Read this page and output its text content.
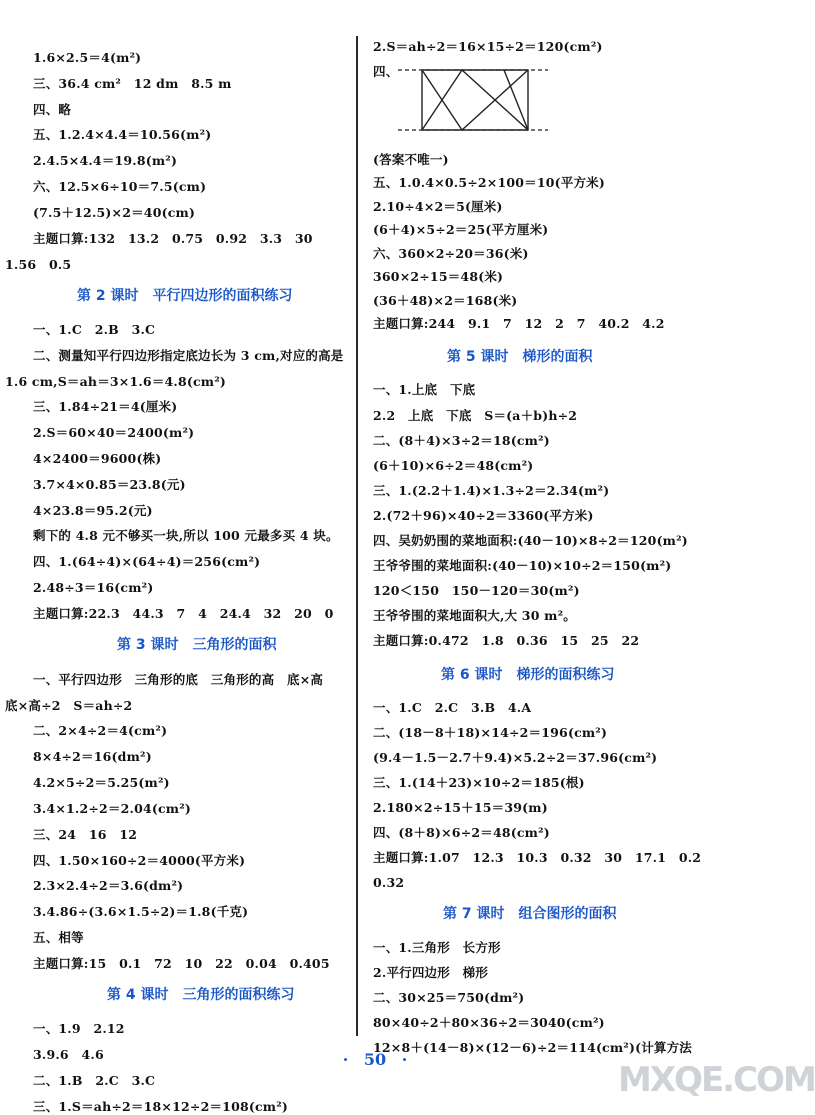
1.6×2.5＝4(m²)
三、36.4 cm²　12 dm　8.5 m
四、略
五、1.2.4×4.4＝10.56(m²)
2.4.5×4.4＝19.8(m²)
六、12.5×6÷10＝7.5(cm)
(7.5＋12.5)×2＝40(cm)
主题口算:132　13.2　0.75　0.92　3.3　30
1.56　0.5
第 2 课时　平行四边形的面积练习
一、1.C　2.B　3.C
二、测量知平行四边形指定底边长为 3 cm,对应的高是
1.6 cm,S＝ah＝3×1.6＝4.8(cm²)
三、1.84÷21＝4(厘米)
2.S＝60×40＝2400(m²)
4×2400＝9600(株)
3.7×4×0.85＝23.8(元)
4×23.8＝95.2(元)
剩下的 4.8 元不够买一块,所以 100 元最多买 4 块。
四、1.(64÷4)×(64÷4)＝256(cm²)
2.48÷3＝16(cm²)
主题口算:22.3　44.3　7　4　24.4　32　20　0
第 3 课时　三角形的面积
一、平行四边形　三角形的底　三角形的高　底×高
底×高÷2　S＝ah÷2
二、2×4÷2＝4(cm²)
8×4÷2＝16(dm²)
4.2×5÷2＝5.25(m²)
3.4×1.2÷2＝2.04(cm²)
三、24　16　12
四、1.50×160÷2＝4000(平方米)
2.3×2.4÷2＝3.6(dm²)
3.4.86÷(3.6×1.5÷2)＝1.8(千克)
五、相等
主题口算:15　0.1　72　10　22　0.04　0.405
第 4 课时　三角形的面积练习
一、1.9　2.12
3.9.6　4.6
二、1.B　2.C　3.C
三、1.S＝ah÷2＝18×12÷2＝108(cm²)
2.S＝ah÷2＝16×15÷2＝120(cm²)
四、
(答案不唯一)
五、1.0.4×0.5÷2×100＝10(平方米)
2.10÷4×2＝5(厘米)
(6＋4)×5÷2＝25(平方厘米)
六、360×2÷20＝36(米)
360×2÷15＝48(米)
(36＋48)×2＝168(米)
主题口算:244　9.1　7　12　2　7　40.2　4.2
第 5 课时　梯形的面积
一、1.上底　下底
2.2　上底　下底　S＝(a＋b)h÷2
二、(8＋4)×3÷2＝18(cm²)
(6＋10)×6÷2＝48(cm²)
三、1.(2.2＋1.4)×1.3÷2＝2.34(m²)
2.(72＋96)×40÷2＝3360(平方米)
四、吴奶奶围的菜地面积:(40－10)×8÷2＝120(m²)
王爷爷围的菜地面积:(40－10)×10÷2＝150(m²)
120＜150　150－120＝30(m²)
王爷爷围的菜地面积大,大 30 m²。
主题口算:0.472　1.8　0.36　15　25　22
第 6 课时　梯形的面积练习
一、1.C　2.C　3.B　4.A
二、(18－8＋18)×14÷2＝196(cm²)
(9.4－1.5－2.7＋9.4)×5.2÷2＝37.96(cm²)
三、1.(14＋23)×10÷2＝185(根)
2.180×2÷15＋15＝39(m)
四、(8＋8)×6÷2＝48(cm²)
主题口算:1.07　12.3　10.3　0.32　30　17.1　0.2
0.32
第 7 课时　组合图形的面积
一、1.三角形　长方形
2.平行四边形　梯形
二、30×25＝750(dm²)
80×40÷2＋80×36÷2＝3040(cm²)
12×8＋(14－8)×(12－6)÷2＝114(cm²)(计算方法
· 50 ·
MXQE.COM
